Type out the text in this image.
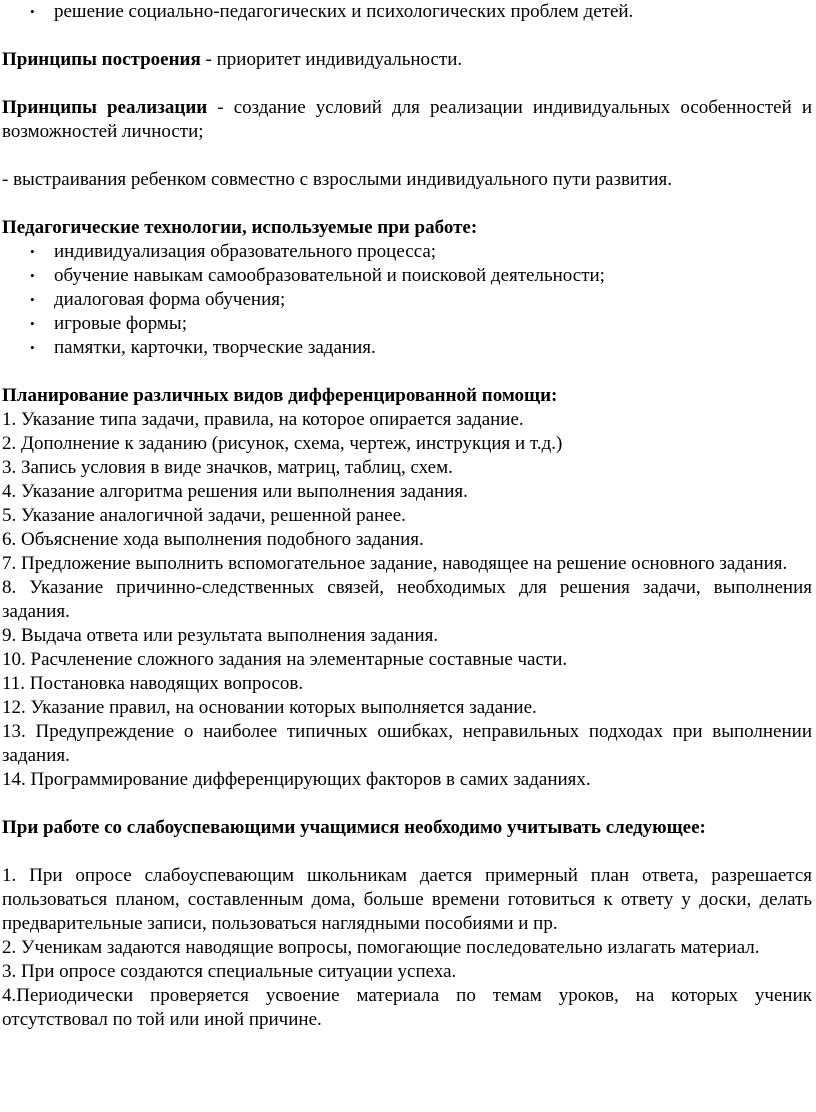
• решение социально-педагогических и психологических проблем детей.

Принципы построения - приоритет индивидуальности.

Принципы реализации - создание условий для реализации индивидуальных особенностей и возможностей личности;

- выстраивания ребенком совместно с взрослыми индивидуального пути развития.

Педагогические технологии, используемые при работе:

• индивидуализация образовательного процесса;
• обучение навыкам самообразовательной и поисковой деятельности;
• диалоговая форма обучения;
• игровые формы;
• памятки, карточки, творческие задания.

Планирование различных видов дифференцированной помощи:

1. Указание типа задачи, правила, на которое опирается задание.

2. Дополнение к заданию (рисунок, схема, чертеж, инструкция и т.д.)

3. Запись условия в виде значков, матриц, таблиц, схем.

4. Указание алгоритма решения или выполнения задания.

5. Указание аналогичной задачи, решенной ранее.

6. Объяснение хода выполнения подобного задания.

7. Предложение выполнить вспомогательное задание, наводящее на решение основного задания.

8. Указание причинно-следственных связей, необходимых для решения задачи, выполнения задания.

9. Выдача ответа или результата выполнения задания.

10. Расчленение сложного задания на элементарные составные части.

11. Постановка наводящих вопросов.

12. Указание правил, на основании которых выполняется задание.

13. Предупреждение о наиболее типичных ошибках, неправильных подходах при выполнении задания.

14. Программирование дифференцирующих факторов в самих заданиях.

При работе со слабоуспевающими учащимися необходимо учитывать следующее:

1. При опросе слабоуспевающим школьникам дается примерный план ответа, разрешается пользоваться планом, составленным дома, больше времени готовиться к ответу у доски, делать предварительные записи, пользоваться наглядными пособиями и пр.

2. Ученикам задаются наводящие вопросы, помогающие последовательно излагать материал.

3. При опросе создаются специальные ситуации успеха.

4.Периодически проверяется усвоение материала по темам уроков, на которых ученик отсутствовал по той или иной причине.
